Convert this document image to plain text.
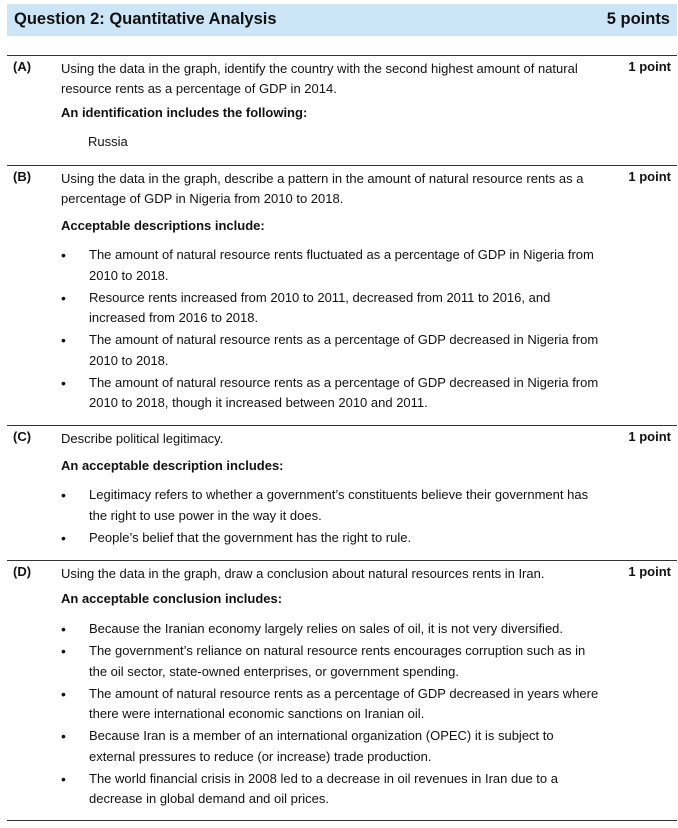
Question 2: Quantitative Analysis	5 points
(A)	1 point
Using the data in the graph, identify the country with the second highest amount of natural resource rents as a percentage of GDP in 2014.
An identification includes the following:
Russia
(B)	1 point
Using the data in the graph, describe a pattern in the amount of natural resource rents as a percentage of GDP in Nigeria from 2010 to 2018.
Acceptable descriptions include:
•	The amount of natural resource rents fluctuated as a percentage of GDP in Nigeria from 2010 to 2018.
•	Resource rents increased from 2010 to 2011, decreased from 2011 to 2016, and increased from 2016 to 2018.
•	The amount of natural resource rents as a percentage of GDP decreased in Nigeria from 2010 to 2018.
•	The amount of natural resource rents as a percentage of GDP decreased in Nigeria from 2010 to 2018, though it increased between 2010 and 2011.
(C)	1 point
Describe political legitimacy.
An acceptable description includes:
•	Legitimacy refers to whether a government’s constituents believe their government has the right to use power in the way it does.
•	People’s belief that the government has the right to rule.
(D)	1 point
Using the data in the graph, draw a conclusion about natural resources rents in Iran.
An acceptable conclusion includes:
•	Because the Iranian economy largely relies on sales of oil, it is not very diversified.
•	The government’s reliance on natural resource rents encourages corruption such as in the oil sector, state-owned enterprises, or government spending.
•	The amount of natural resource rents as a percentage of GDP decreased in years where there were international economic sanctions on Iranian oil.
•	Because Iran is a member of an international organization (OPEC) it is subject to external pressures to reduce (or increase) trade production.
•	The world financial crisis in 2008 led to a decrease in oil revenues in Iran due to a decrease in global demand and oil prices.
